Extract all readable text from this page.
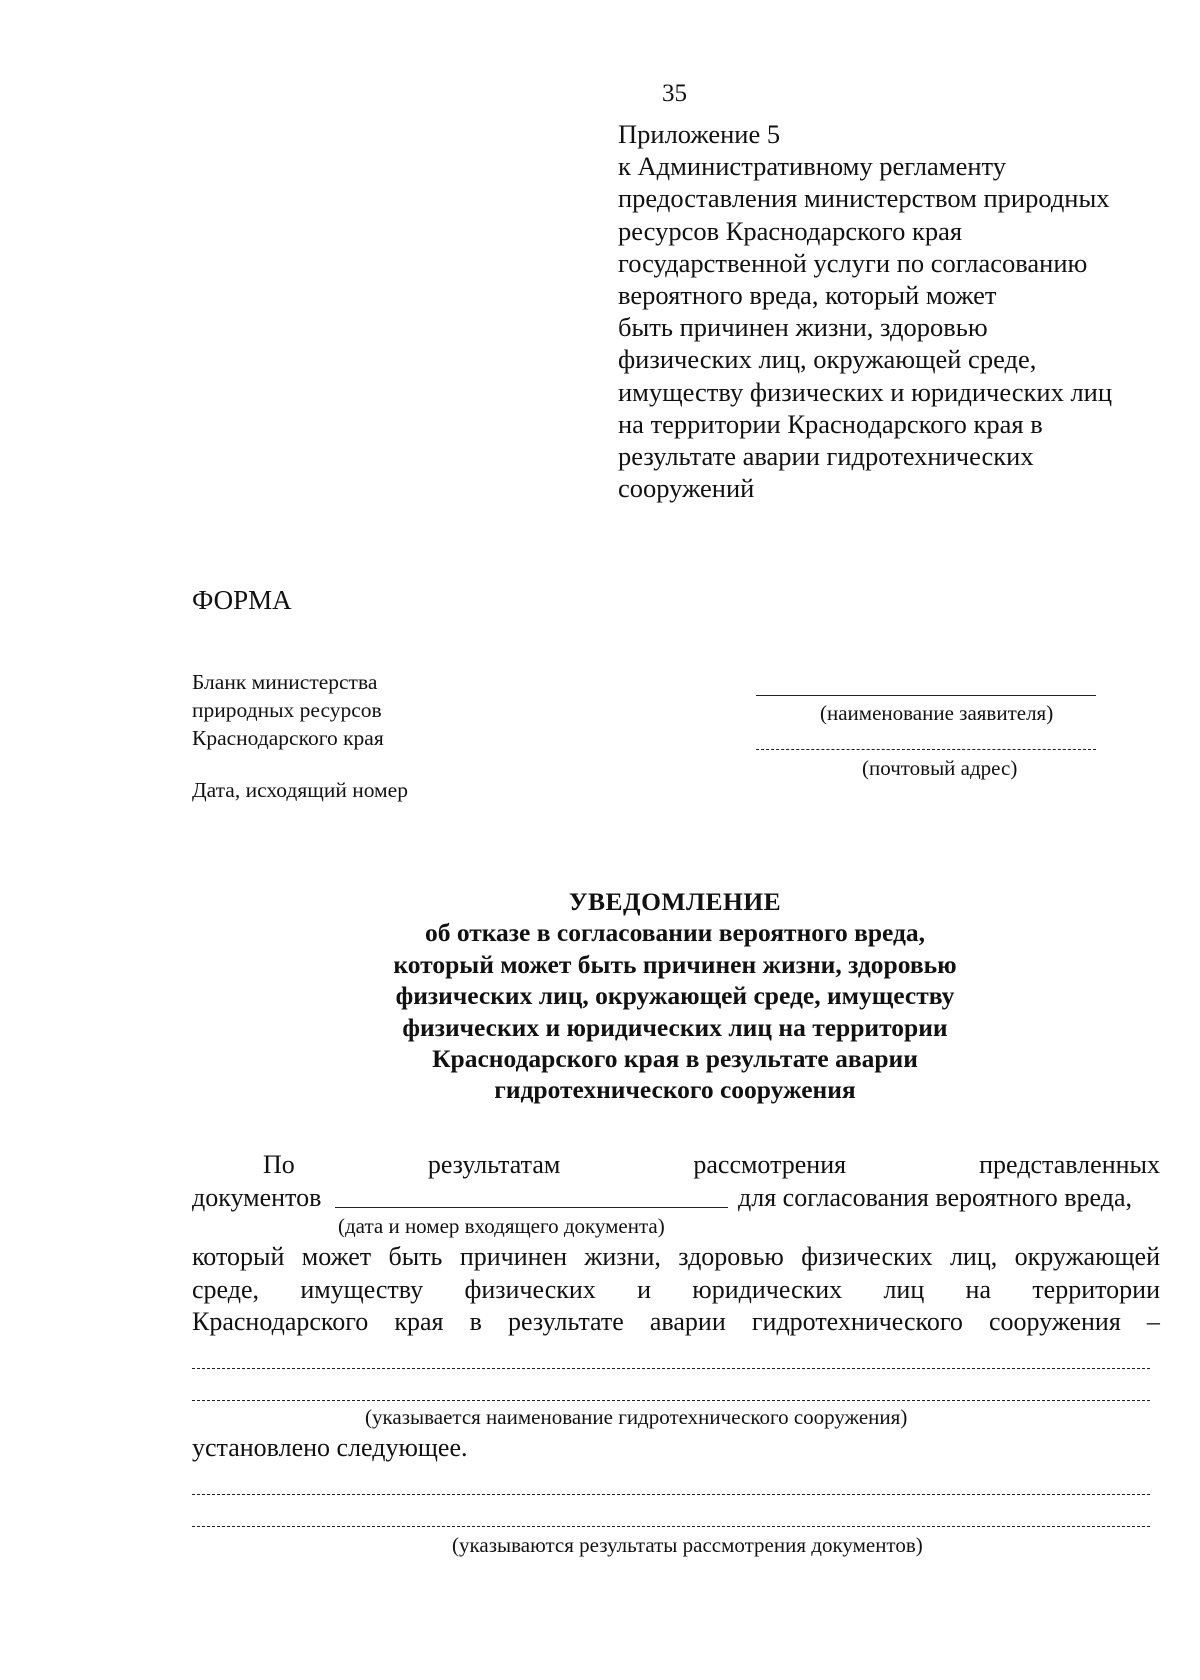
35
Приложение 5
к Административному регламенту
предоставления министерством природных
ресурсов Краснодарского края
государственной услуги по согласованию
вероятного вреда, который может
быть причинен жизни, здоровью
физических лиц, окружающей среде,
имуществу физических и юридических лиц
на территории Краснодарского края в
результате аварии гидротехнических
сооружений
ФОРМА
Бланк министерства
природных ресурсов
Краснодарского края
Дата, исходящий номер
(наименование заявителя)
(почтовый адрес)
УВЕДОМЛЕНИЕ
об отказе в согласовании вероятного вреда,
который может быть причинен жизни, здоровью
физических лиц, окружающей среде, имуществу
физических и юридических лиц на территории
Краснодарского края в результате аварии
гидротехнического сооружения
По	результатам	рассмотрения	представленных
документов	для согласования вероятного вреда,
(дата и номер входящего документа)
который может быть причинен жизни, здоровью физических лиц, окружающей
среде, имуществу физических и юридических лиц на территории
Краснодарского края в результате аварии гидротехнического сооружения –
(указывается наименование гидротехнического сооружения)
установлено следующее.
(указываются результаты рассмотрения документов)
